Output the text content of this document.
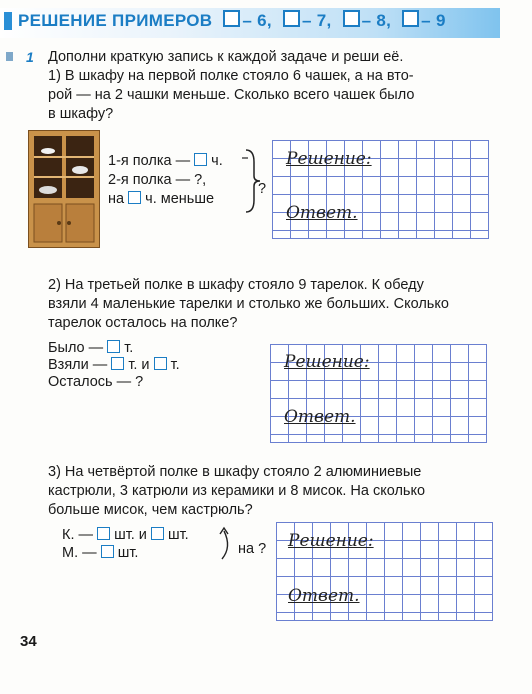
РЕШЕНИЕ ПРИМЕРОВ – 6, – 7, – 8, – 9
1 Дополни краткую запись к каждой задаче и реши её.
1) В шкафу на первой полке стояло 6 чашек, а на вто-
рой — на 2 чашки меньше. Сколько всего чашек было
в шкафу?
1-я полка — ч.
2-я полка — ?,
на ч. меньше
?
Решение:
Ответ.
2) На третьей полке в шкафу стояло 9 тарелок. К обеду
взяли 4 маленькие тарелки и столько же больших. Сколько
тарелок осталось на полке?
Было — т.
Взяли — т. и т.
Осталось — ?
Решение:
Ответ.
3) На четвёртой полке в шкафу стояло 2 алюминиевые
кастрюли, 3 катрюли из керамики и 8 мисок. На сколько
больше мисок, чем кастрюль?
К. — шт. и шт.
М. — шт.	на ? Решение:
Ответ.
34
